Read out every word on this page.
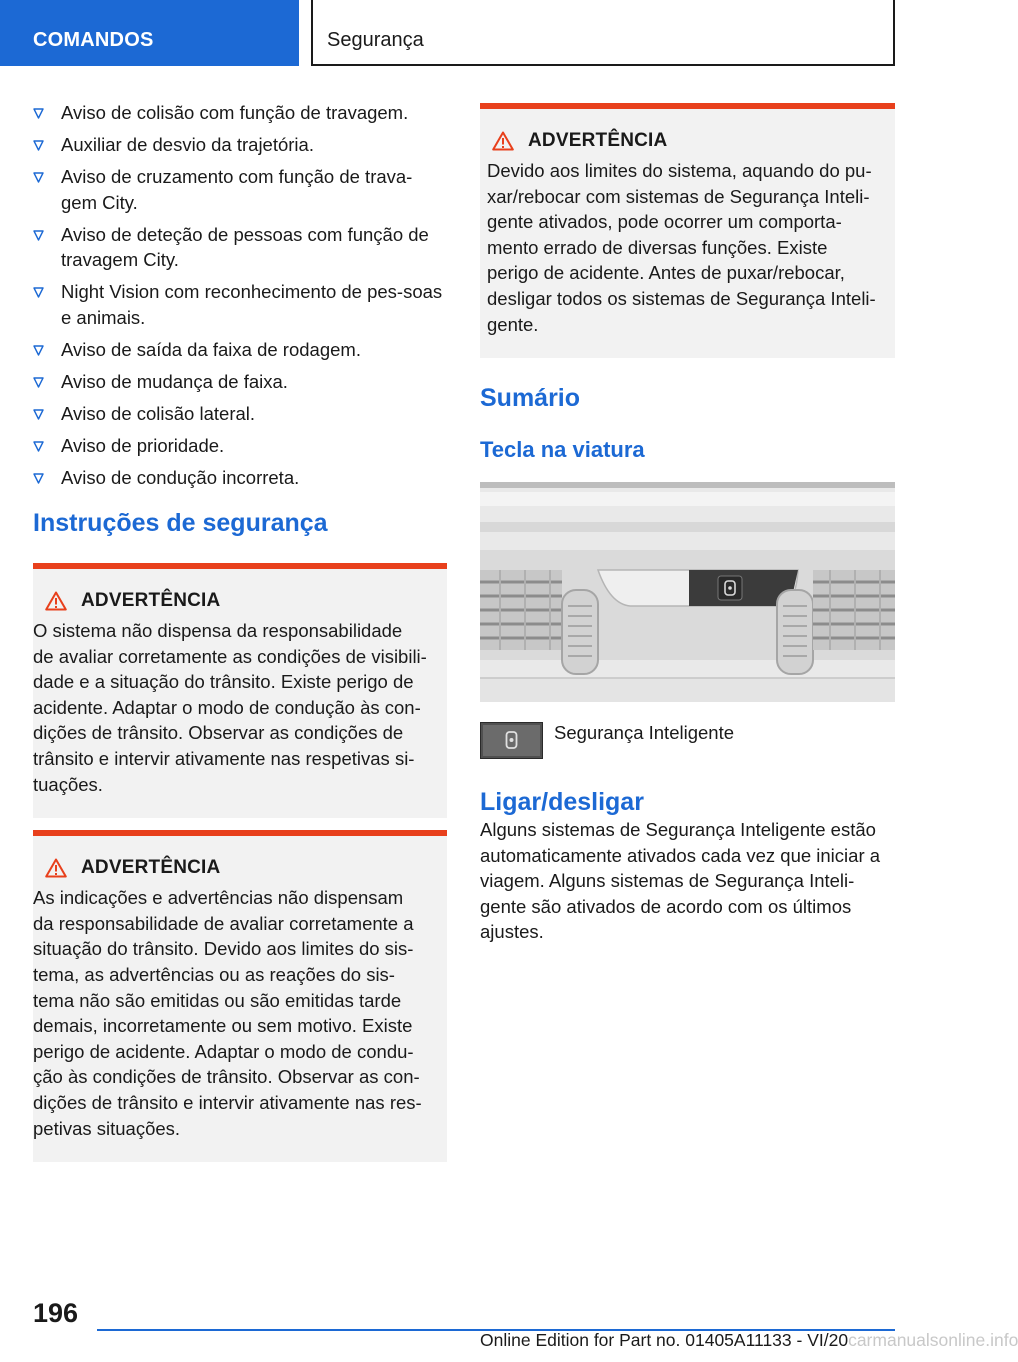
COMANDOS	Segurança
Aviso de colisão com função de travagem.
Auxiliar de desvio da trajetória.
Aviso de cruzamento com função de trava-gem City.
Aviso de deteção de pessoas com função de travagem City.
Night Vision com reconhecimento de pes-soas e animais.
Aviso de saída da faixa de rodagem.
Aviso de mudança de faixa.
Aviso de colisão lateral.
Aviso de prioridade.
Aviso de condução incorreta.
Instruções de segurança
ADVERTÊNCIA
O sistema não dispensa da responsabilidade
de avaliar corretamente as condições de visibili-
dade e a situação do trânsito. Existe perigo de
acidente. Adaptar o modo de condução às con-
dições de trânsito. Observar as condições de
trânsito e intervir ativamente nas respetivas si-
tuações.
ADVERTÊNCIA
As indicações e advertências não dispensam
da responsabilidade de avaliar corretamente a
situação do trânsito. Devido aos limites do sis-
tema, as advertências ou as reações do sis-
tema não são emitidas ou são emitidas tarde
demais, incorretamente ou sem motivo. Existe
perigo de acidente. Adaptar o modo de condu-
ção às condições de trânsito. Observar as con-
dições de trânsito e intervir ativamente nas res-
petivas situações.
ADVERTÊNCIA
Devido aos limites do sistema, aquando do pu-
xar/rebocar com sistemas de Segurança Inteli-
gente ativados, pode ocorrer um comporta-
mento errado de diversas funções. Existe
perigo de acidente. Antes de puxar/rebocar,
desligar todos os sistemas de Segurança Inteli-
gente.
Sumário
Tecla na viatura
Segurança Inteligente
Ligar/desligar

Alguns sistemas de Segurança Inteligente estão
automaticamente ativados cada vez que iniciar a
viagem. Alguns sistemas de Segurança Inteli-
gente são ativados de acordo com os últimos
ajustes.

196
Online Edition for Part no. 01405A11133 - VI/20carmanualsonline.info
